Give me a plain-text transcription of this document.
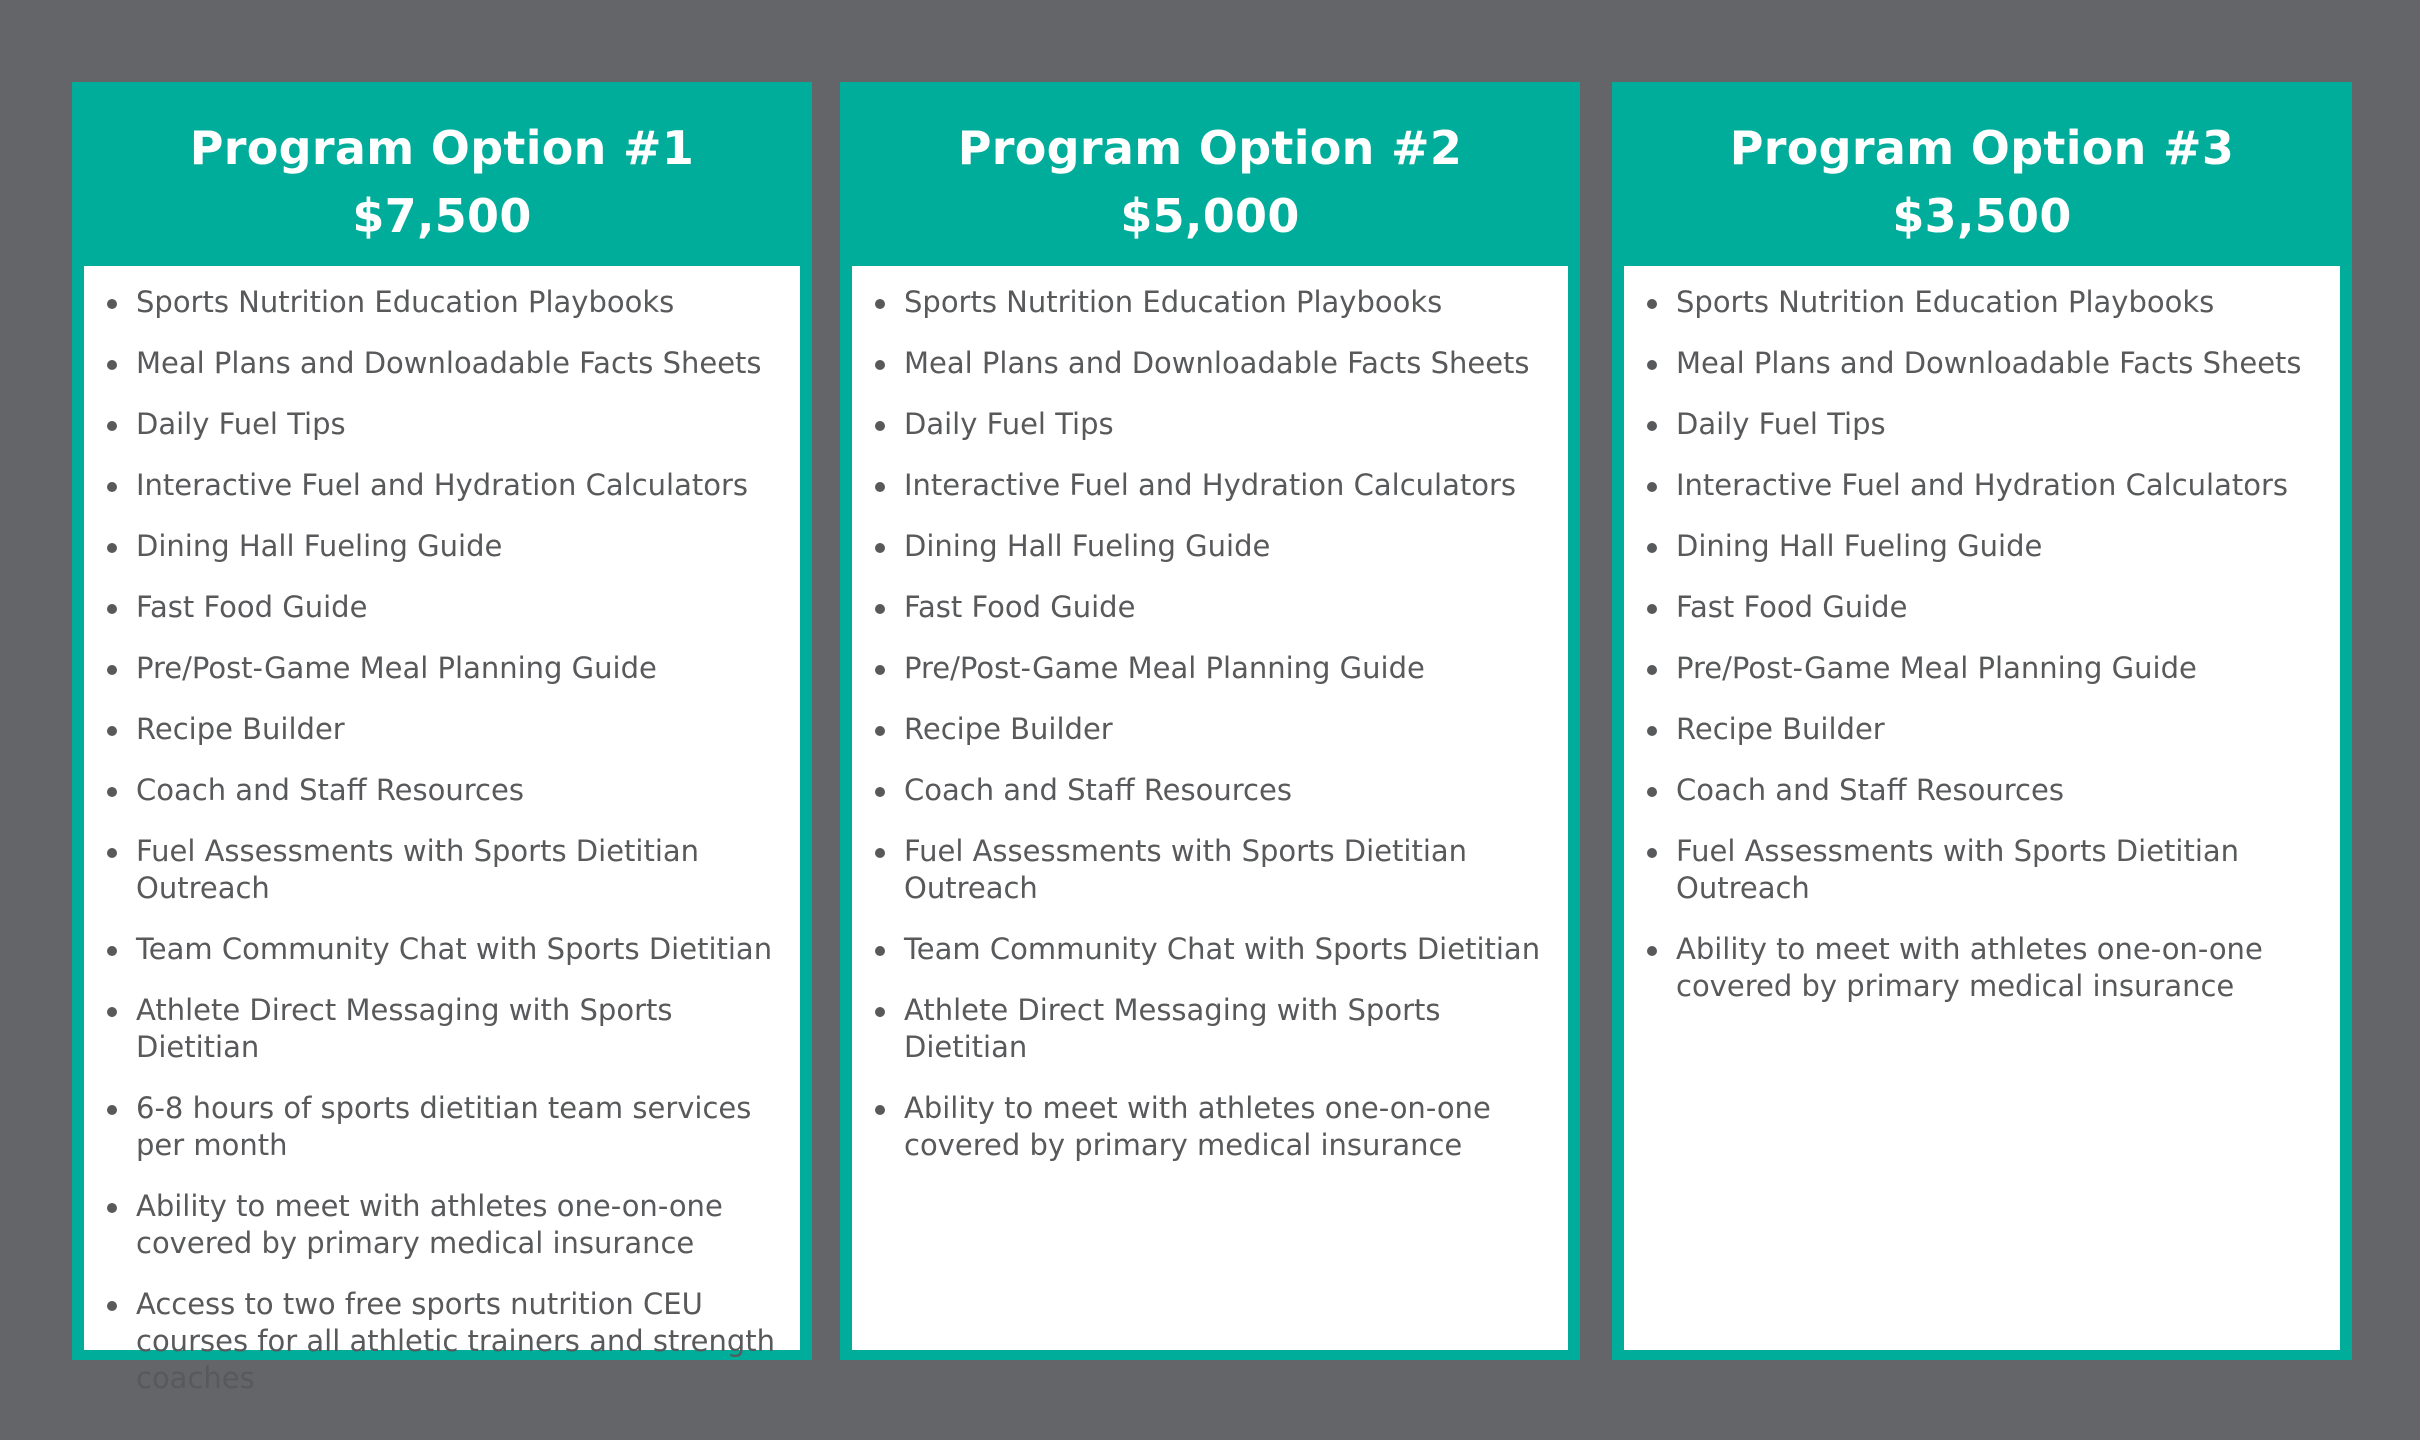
Program Option #1
$7,500
Sports Nutrition Education Playbooks
Meal Plans and Downloadable Facts Sheets
Daily Fuel Tips
Interactive Fuel and Hydration Calculators
Dining Hall Fueling Guide
Fast Food Guide
Pre/Post-Game Meal Planning Guide
Recipe Builder
Coach and Staff Resources
Fuel Assessments with Sports Dietitian Outreach
Team Community Chat with Sports Dietitian
Athlete Direct Messaging with Sports Dietitian
6-8 hours of sports dietitian team services per month
Ability to meet with athletes one-on-one covered by primary medical insurance
Access to two free sports nutrition CEU courses for all athletic trainers and strength coaches
Program Option #2
$5,000
Sports Nutrition Education Playbooks
Meal Plans and Downloadable Facts Sheets
Daily Fuel Tips
Interactive Fuel and Hydration Calculators
Dining Hall Fueling Guide
Fast Food Guide
Pre/Post-Game Meal Planning Guide
Recipe Builder
Coach and Staff Resources
Fuel Assessments with Sports Dietitian Outreach
Team Community Chat with Sports Dietitian
Athlete Direct Messaging with Sports Dietitian
Ability to meet with athletes one-on-one covered by primary medical insurance
Program Option #3
$3,500
Sports Nutrition Education Playbooks
Meal Plans and Downloadable Facts Sheets
Daily Fuel Tips
Interactive Fuel and Hydration Calculators
Dining Hall Fueling Guide
Fast Food Guide
Pre/Post-Game Meal Planning Guide
Recipe Builder
Coach and Staff Resources
Fuel Assessments with Sports Dietitian Outreach
Ability to meet with athletes one-on-one covered by primary medical insurance
